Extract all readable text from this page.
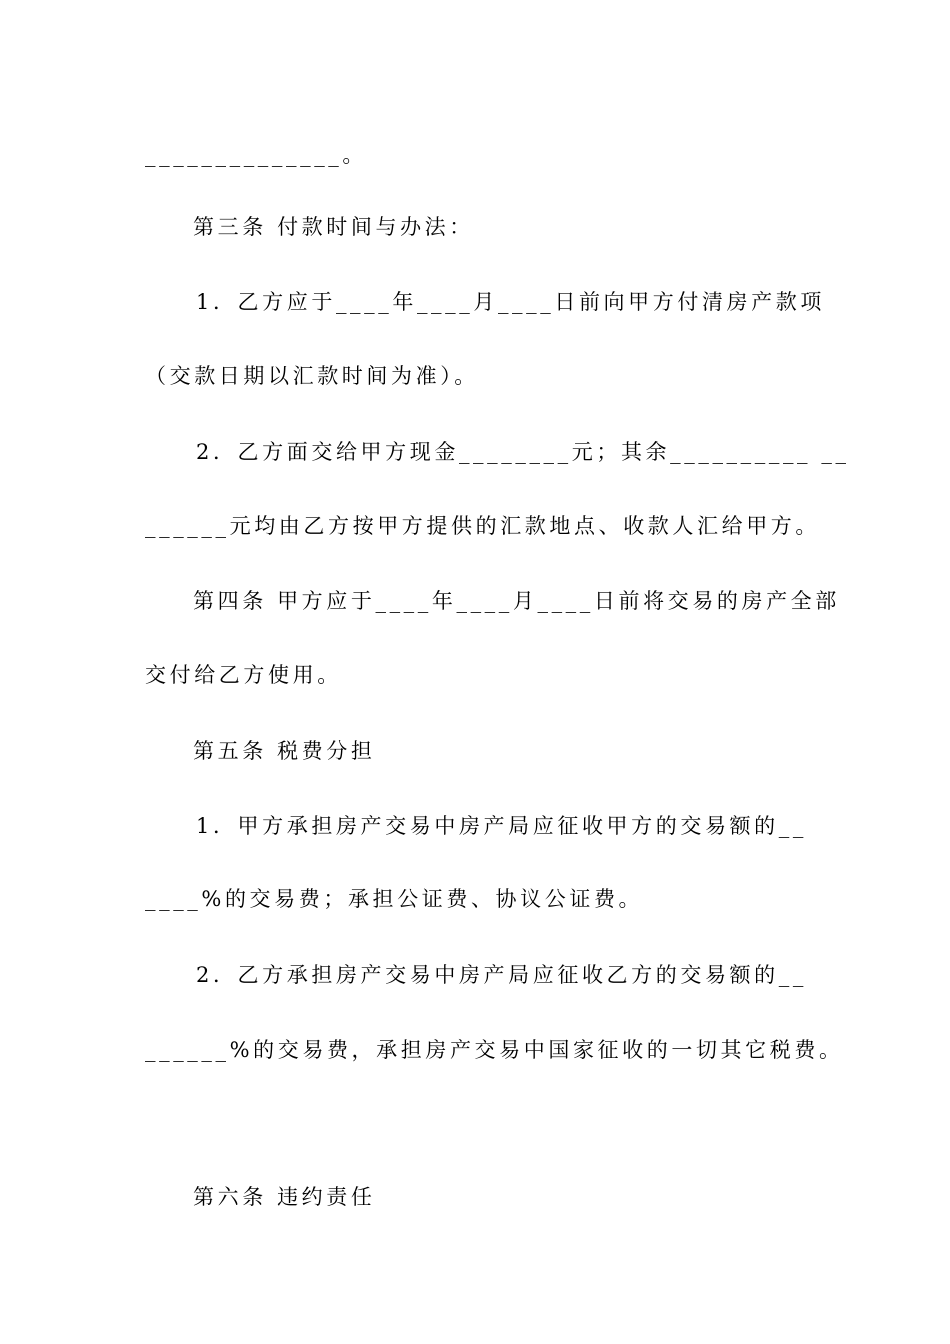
______________。
第三条 付款时间与办法：
1．乙方应于____年____月____日前向甲方付清房产款项
（交款日期以汇款时间为准）。
2．乙方面交给甲方现金________元；其余__________ __
______元均由乙方按甲方提供的汇款地点、收款人汇给甲方。
第四条 甲方应于____年____月____日前将交易的房产全部
交付给乙方使用。
第五条 税费分担
1．甲方承担房产交易中房产局应征收甲方的交易额的__
____%的交易费；承担公证费、协议公证费。
2．乙方承担房产交易中房产局应征收乙方的交易额的__
______%的交易费，承担房产交易中国家征收的一切其它税费。
第六条 违约责任
